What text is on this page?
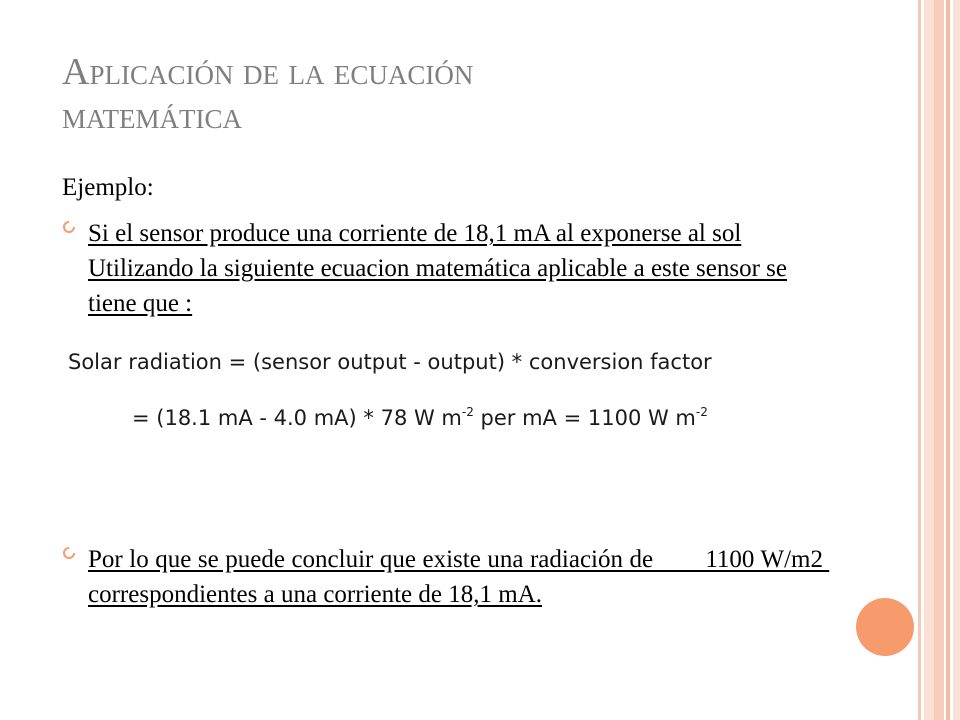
Aplicación de la ecuación
matemática
Ejemplo:
Si el sensor produce una corriente de 18,1 mA al exponerse al sol Utilizando la siguiente ecuacion matemática aplicable a este sensor se tiene que :
Solar radiation = (sensor output - output) * conversion factor
= (18.1 mA - 4.0 mA) * 78 W $m^{-2}$ per mA = 1100 W $m^{-2}$
Por lo que se puede concluir que existe una radiación de        1100 W/m2 correspondientes a una corriente de 18,1 mA.
